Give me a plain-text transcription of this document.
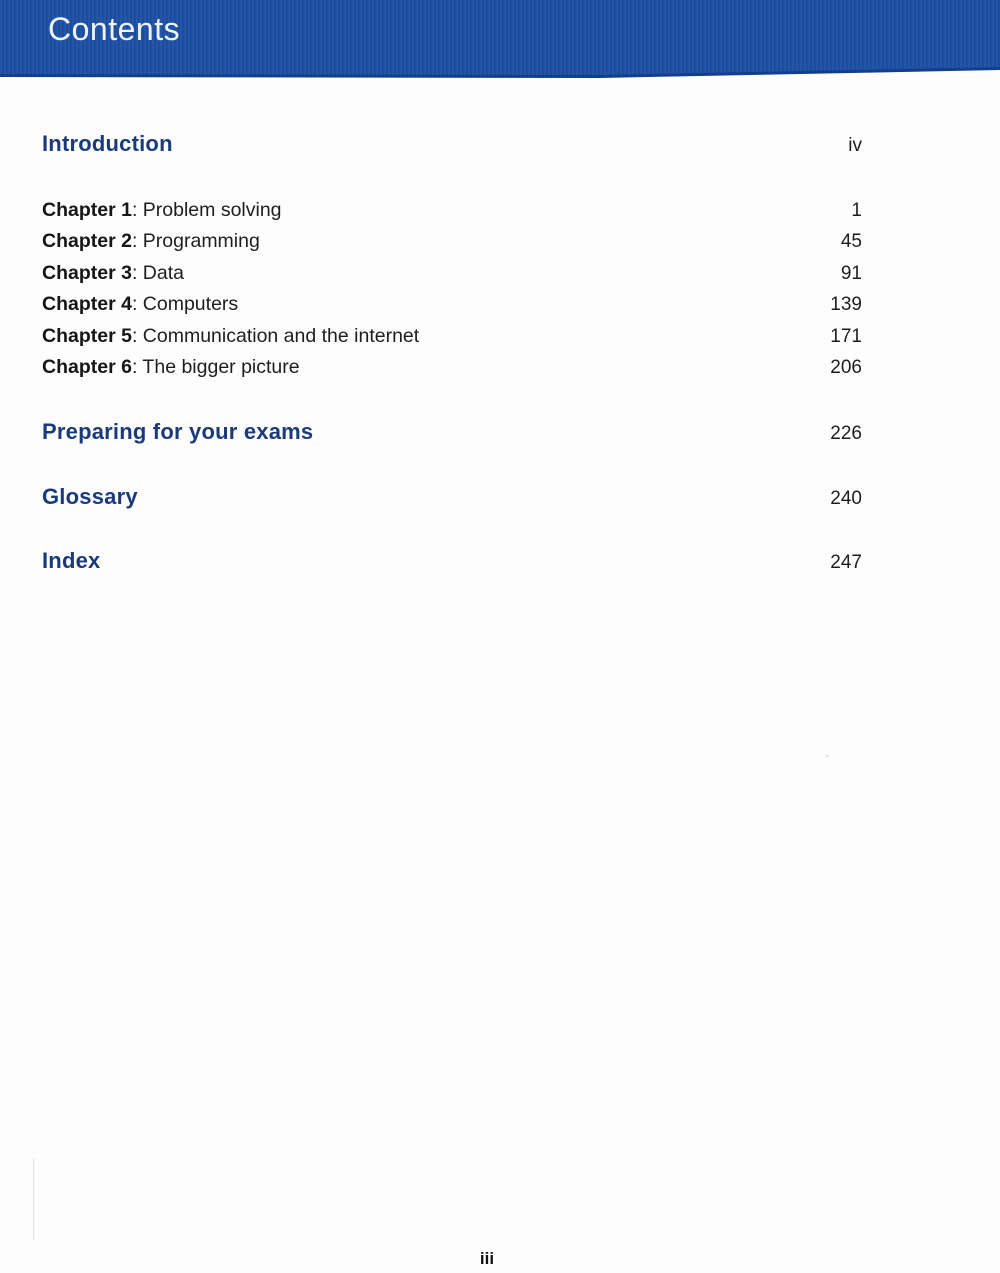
Contents
Introduction	iv
Chapter 1: Problem solving	1
Chapter 2: Programming	45
Chapter 3: Data	91
Chapter 4: Computers	139
Chapter 5: Communication and the internet	171
Chapter 6: The bigger picture	206
Preparing for your exams	226
Glossary	240
Index	247
iii
